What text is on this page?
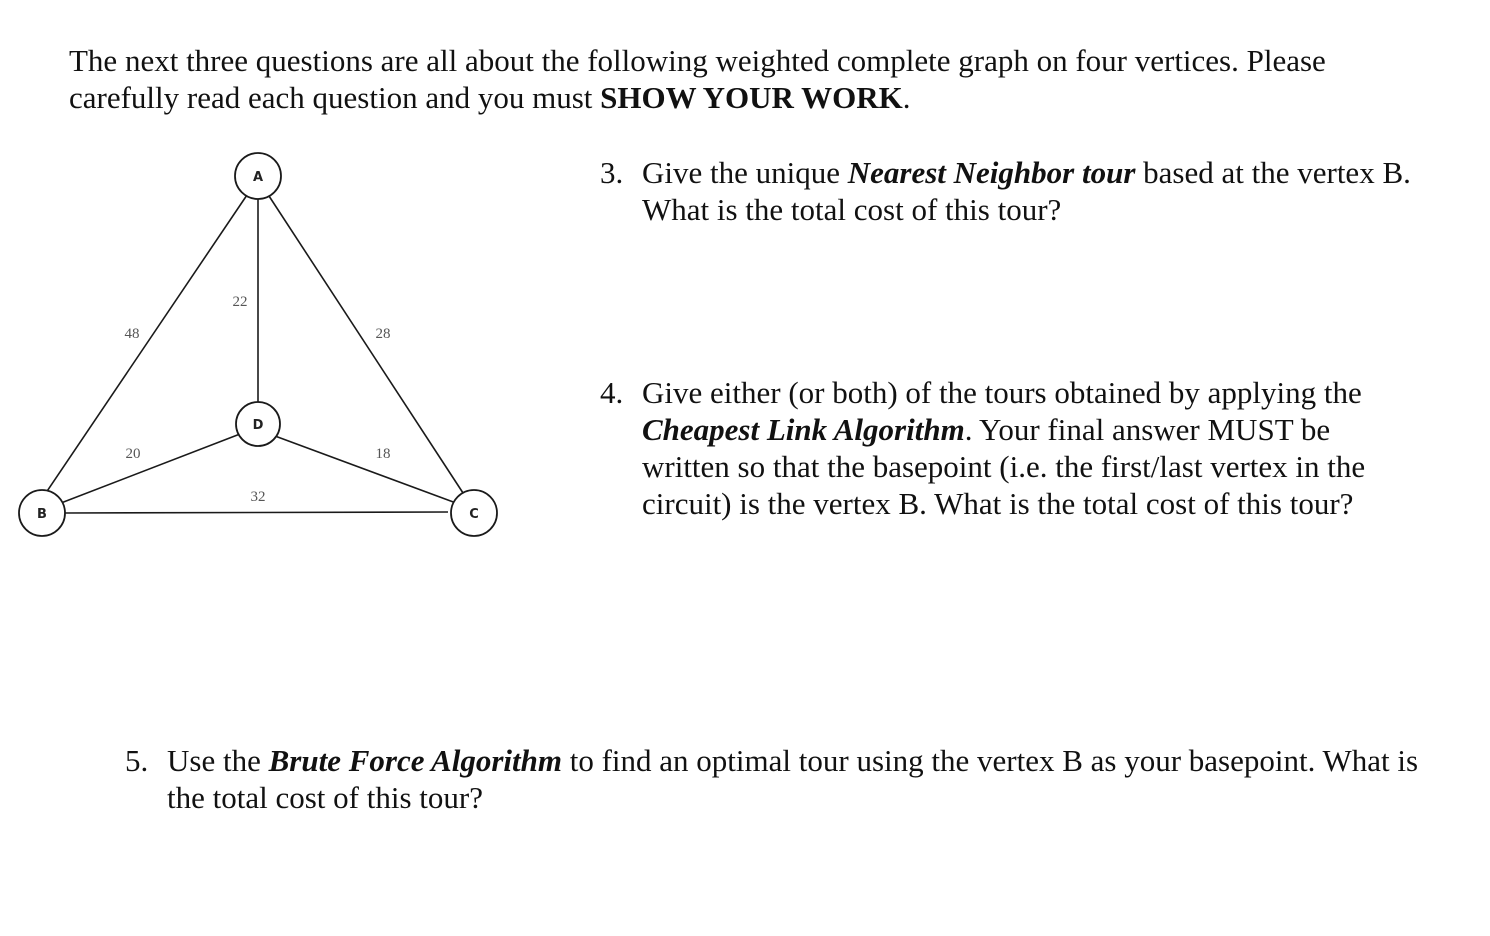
The next three questions are all about the following weighted complete graph on four vertices. Please carefully read each question and you must SHOW YOUR WORK.

A
B	C
D
48
22
28
20	18
32
3. Give the unique Nearest Neighbor tour based at the vertex B. What is the total cost of this tour?
4. Give either (or both) of the tours obtained by applying the Cheapest Link Algorithm. Your final answer MUST be written so that the basepoint (i.e. the first/last vertex in the circuit) is the vertex B. What is the total cost of this tour?
5. Use the Brute Force Algorithm to find an optimal tour using the vertex B as your basepoint. What is the total cost of this tour?
